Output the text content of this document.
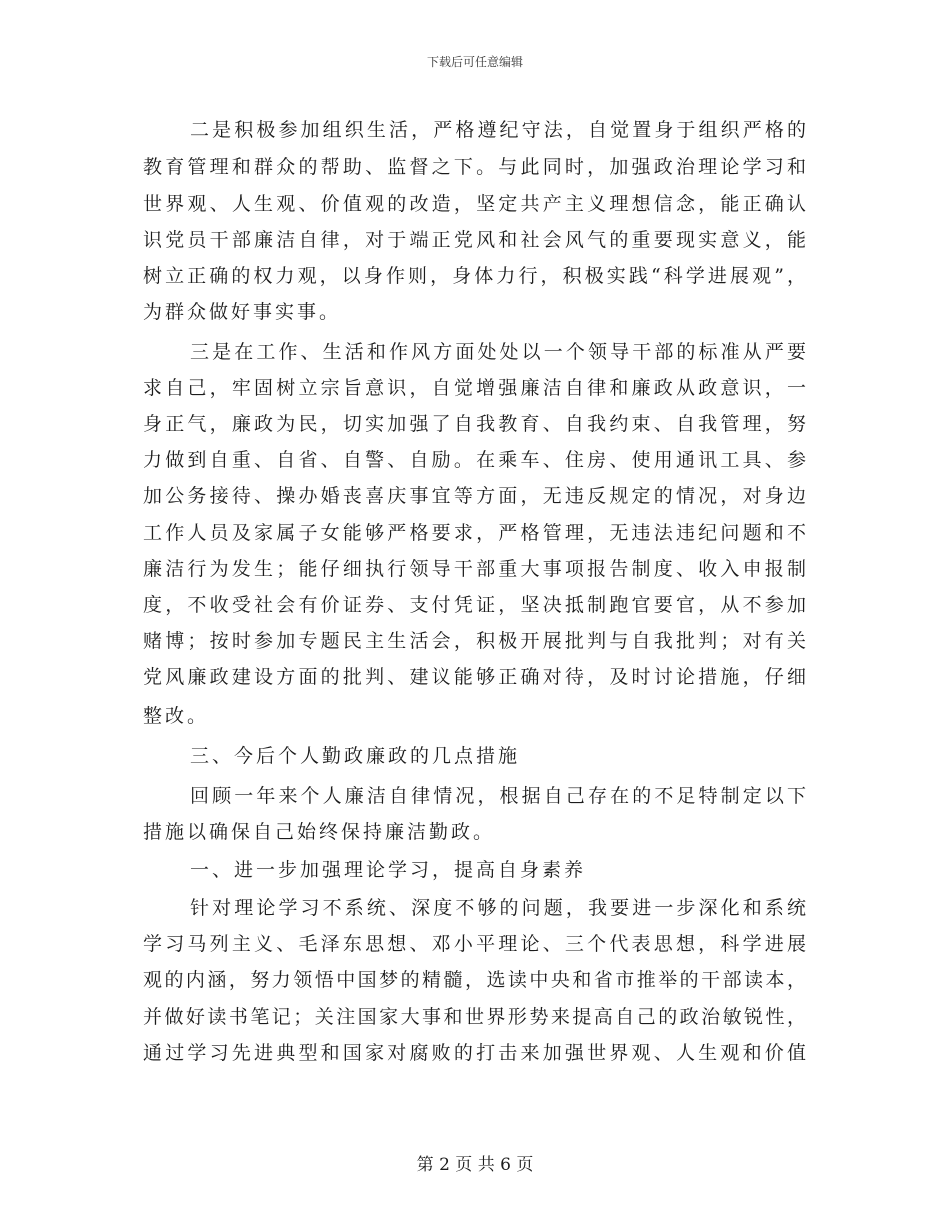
下载后可任意编辑
二是积极参加组织生活，严格遵纪守法，自觉置身于组织严格的
教育管理和群众的帮助、监督之下。与此同时，加强政治理论学习和
世界观、人生观、价值观的改造，坚定共产主义理想信念，能正确认
识党员干部廉洁自律，对于端正党风和社会风气的重要现实意义，能
树立正确的权力观，以身作则，身体力行，积极实践“科学进展观”，
为群众做好事实事。
三是在工作、生活和作风方面处处以一个领导干部的标准从严要
求自己，牢固树立宗旨意识，自觉增强廉洁自律和廉政从政意识，一
身正气，廉政为民，切实加强了自我教育、自我约束、自我管理，努
力做到自重、自省、自警、自励。在乘车、住房、使用通讯工具、参
加公务接待、操办婚丧喜庆事宜等方面，无违反规定的情况，对身边
工作人员及家属子女能够严格要求，严格管理，无违法违纪问题和不
廉洁行为发生；能仔细执行领导干部重大事项报告制度、收入申报制
度，不收受社会有价证券、支付凭证，坚决抵制跑官要官，从不参加
赌博；按时参加专题民主生活会，积极开展批判与自我批判；对有关
党风廉政建设方面的批判、建议能够正确对待，及时讨论措施，仔细
整改。
三、今后个人勤政廉政的几点措施
回顾一年来个人廉洁自律情况，根据自己存在的不足特制定以下
措施以确保自己始终保持廉洁勤政。
一、进一步加强理论学习，提高自身素养
针对理论学习不系统、深度不够的问题，我要进一步深化和系统
学习马列主义、毛泽东思想、邓小平理论、三个代表思想，科学进展
观的内涵，努力领悟中国梦的精髓，选读中央和省市推举的干部读本，
并做好读书笔记；关注国家大事和世界形势来提高自己的政治敏锐性，
通过学习先进典型和国家对腐败的打击来加强世界观、人生观和价值
第 2 页 共 6 页
